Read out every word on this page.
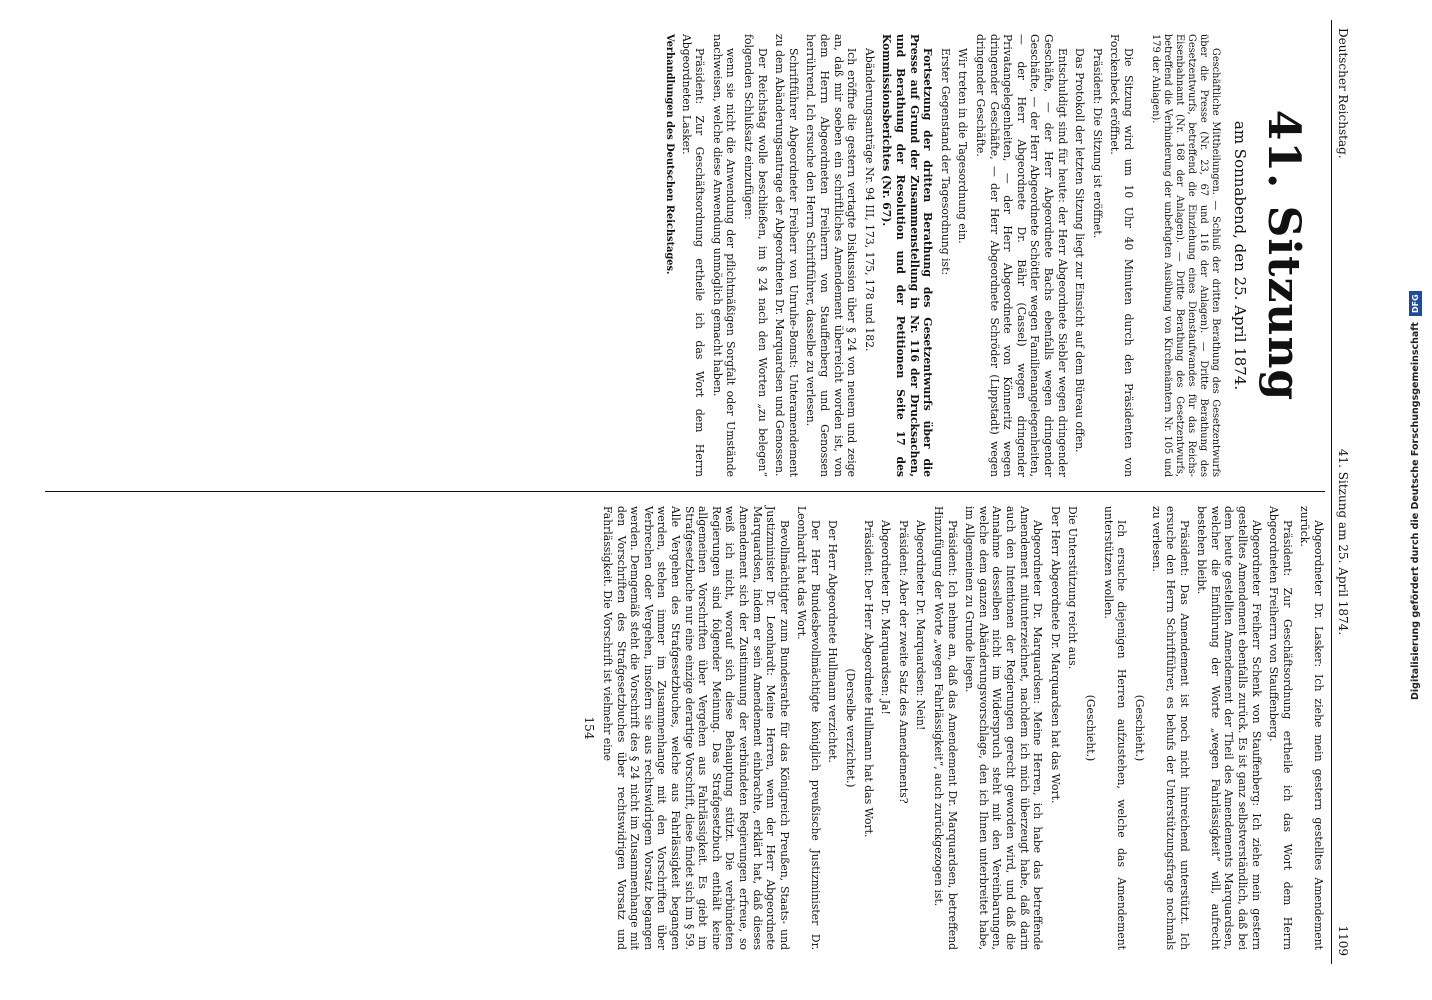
Deutscher Reichstag.
41. Sitzung am 25. April 1874.
1109
41. Sitzung
am Sonnabend, den 25. April 1874.

Geschäftliche Mittheilungen. — Schluß der dritten Berathung des Gesetzentwurfs über die Presse (Nr. 23, 67 und 116 der Anlagen). — Dritte Berathung des Gesetzentwurfs, betreffend die Einziehung eines Dienstaufwandes für das Reichs-Eisenbahnamt (Nr. 168 der Anlagen). — Dritte Berathung des Gesetzentwurfs, betreffend die Verhinderung der unbefugten Ausübung von Kirchenämtern Nr. 105 und 179 der Anlagen).

Die Sitzung wird um 10 Uhr 40 Minuten durch den Präsidenten von Forckenbeck eröffnet.

Präsident: Die Sitzung ist eröffnet.

Das Protokoll der letzten Sitzung liegt zur Einsicht auf dem Büreau offen.

Entschuldigt sind für heute: der Herr Abgeordnete Siebler wegen dringender Geschäfte, — der Herr Abgeordnete Bachs ebenfalls wegen dringender Geschäfte, — der Herr Abgeordnete Schöttler wegen Familienangelegenheiten, — der Herr Abgeordnete Dr. Bähr (Cassel) wegen dringender Privatangelegenheiten, — der Herr Abgeordnete von Könneritz wegen dringender Geschäfte, — der Herr Abgeordnete Schröder (Lippstadt) wegen dringender Geschäfte.

Wir treten in die Tagesordnung ein.

Erster Gegenstand der Tagesordnung ist:

Fortsetzung der dritten Berathung des Gesetzentwurfs über die Presse auf Grund der Zusammenstellung in Nr. 116 der Drucksachen, und Berathung der Resolution und der Petitionen Seite 17 des Kommissionsberichtes (Nr. 67).

Abänderungsanträge Nr. 94 III, 173, 175, 178 und 182.

Ich eröffne die gestern vertagte Diskussion über § 24 von neuem und zeige an, daß mir soeben ein schriftliches Amendement überreicht worden ist, von dem Herrn Abgeordneten Freiherrn von Stauffenberg und Genossen herrührend. Ich ersuche den Herrn Schriftführer, dasselbe zu verlesen.

Schriftführer Abgeordneter Freiherr von Unruhe-Bomst: Unteramendement zu dem Abänderungsantrage der Abgeordneten Dr. Marquardsen und Genossen.

Der Reichstag wolle beschließen, im § 24 nach den Worten „zu belegen“ folgenden Schlußsatz einzufügen:

wenn sie nicht die Anwendung der pflichtmäßigen Sorgfalt oder Umstände nachweisen, welche diese Anwendung unmöglich gemacht haben.

Präsident: Zur Geschäftsordnung ertheile ich das Wort dem Herrn Abgeordneten Lasker.

Verhandlungen des Deutschen Reichstages.

Abgeordneter Dr. Lasker: Ich ziehe mein gestern gestelltes Amendement zurück.

Präsident: Zur Geschäftsordnung ertheile ich das Wort dem Herrn Abgeordneten Freiherrn von Stauffenberg.

Abgeordneter Freiherr Schenk von Stauffenberg: Ich ziehe mein gestern gestelltes Amendement ebenfalls zurück. Es ist ganz selbstverständlich, daß bei dem heute gestellten Amendement der Theil des Amendements Marquardsen, welcher die Einführung der Worte „wegen Fahrlässigkeit“ will, aufrecht bestehen bleibt.

Präsident: Das Amendement ist noch nicht hinreichend unterstützt. Ich ersuche den Herrn Schriftführer, es behufs der Unterstützungsfrage nochmals zu verlesen.

(Geschieht.)

Ich ersuche diejenigen Herren aufzustehen, welche das Amendement unterstützen wollen.

(Geschieht.)

Die Unterstützung reicht aus.

Der Herr Abgeordnete Dr. Marquardsen hat das Wort.

Abgeordneter Dr. Marquardsen: Meine Herren, ich habe das betreffende Amendement mitunterzeichnet, nachdem ich mich überzeugt habe, daß darin auch den Intentionen der Regierungen gerecht geworden wird, und daß die Annahme desselben nicht im Widerspruch steht mit den Vereinbarungen, welche dem ganzen Abänderungsvorschlage, den ich Ihnen unterbreitet habe, im Allgemeinen zu Grunde liegen.

Präsident: Ich nehme an, daß das Amendement Dr. Marquardsen, betreffend Hinzufügung der Worte „wegen Fahrlässigkeit“, auch zurückgezogen ist.

Abgeordneter Dr. Marquardsen: Nein!

Präsident: Aber der zweite Satz des Amendements?

Abgeordneter Dr. Marquardsen: Ja!

Präsident: Der Herr Abgeordnete Hullmann hat das Wort.

(Derselbe verzichtet.)

Der Herr Abgeordnete Hullmann verzichtet.

Der Herr Bundesbevollmächtigte königlich preußische Justizminister Dr. Leonhardt hat das Wort.

Bevollmächtigter zum Bundesrathe für das Königreich Preußen, Staats- und Justizminister Dr. Leonhardt: Meine Herren, wenn der Herr Abgeordnete Marquardsen, indem er sein Amendement einbrachte, erklärt hat, daß dieses Amendement sich der Zustimmung der verbündeten Regierungen erfreue, so weiß ich nicht, worauf sich diese Behauptung stützt. Die verbündeten Regierungen sind folgender Meinung. Das Strafgesetzbuch enthält keine allgemeinen Vorschriften über Vergehen aus Fahrlässigkeit. Es giebt im Strafgesetzbuche nur eine einzige derartige Vorschrift, diese findet sich im § 59. Alle Vergehen des Strafgesetzbuches, welche aus Fahrlässigkeit begangen werden, stehen immer im Zusammenhange mit den Vorschriften über Verbrechen oder Vergehen, insofern sie aus rechtswidrigem Vorsatz begangen werden. Demgemäß steht die Vorschrift des § 24 nicht im Zusammenhange mit den Vorschriften des Strafgesetzbuches über rechtswidrigen Vorsatz und Fahrlässigkeit. Die Vorschrift ist vielmehr eine

154
Digitalisierung gefördert durch die Deutsche Forschungsgemeinschaft
DFG
